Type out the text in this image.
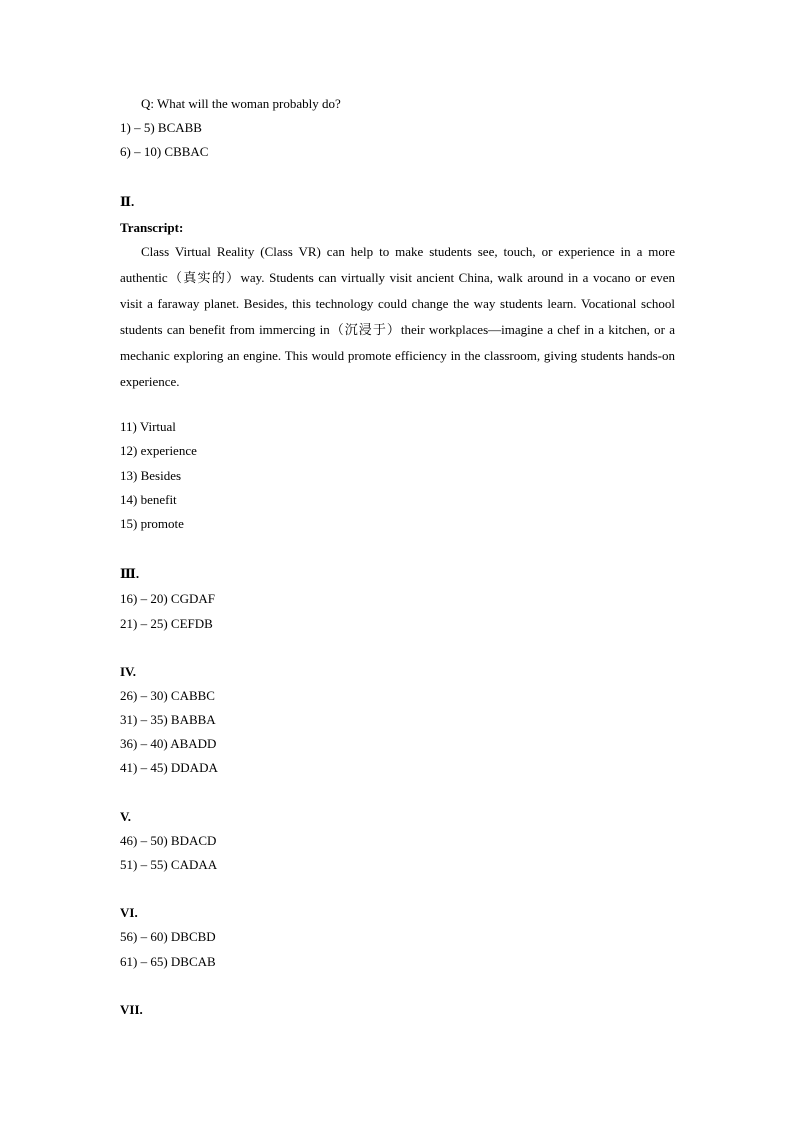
Q: What will the woman probably do?
1) – 5) BCABB
6) – 10) CBBAC
Ⅱ.
Transcript:
Class Virtual Reality (Class VR) can help to make students see, touch, or experience in a more authentic（真实的）way. Students can virtually visit ancient China, walk around in a vocano or even visit a faraway planet. Besides, this technology could change the way students learn. Vocational school students can benefit from immercing in（沉浸于）their workplaces—imagine a chef in a kitchen, or a mechanic exploring an engine. This would promote efficiency in the classroom, giving students hands-on experience.
11) Virtual
12) experience
13) Besides
14) benefit
15) promote
Ⅲ.
16) – 20) CGDAF
21) – 25) CEFDB
IV.
26) – 30) CABBC
31) – 35) BABBA
36) – 40) ABADD
41) – 45) DDADA
V.
46) – 50) BDACD
51) – 55) CADAA
VI.
56) – 60) DBCBD
61) – 65) DBCAB
VII.
